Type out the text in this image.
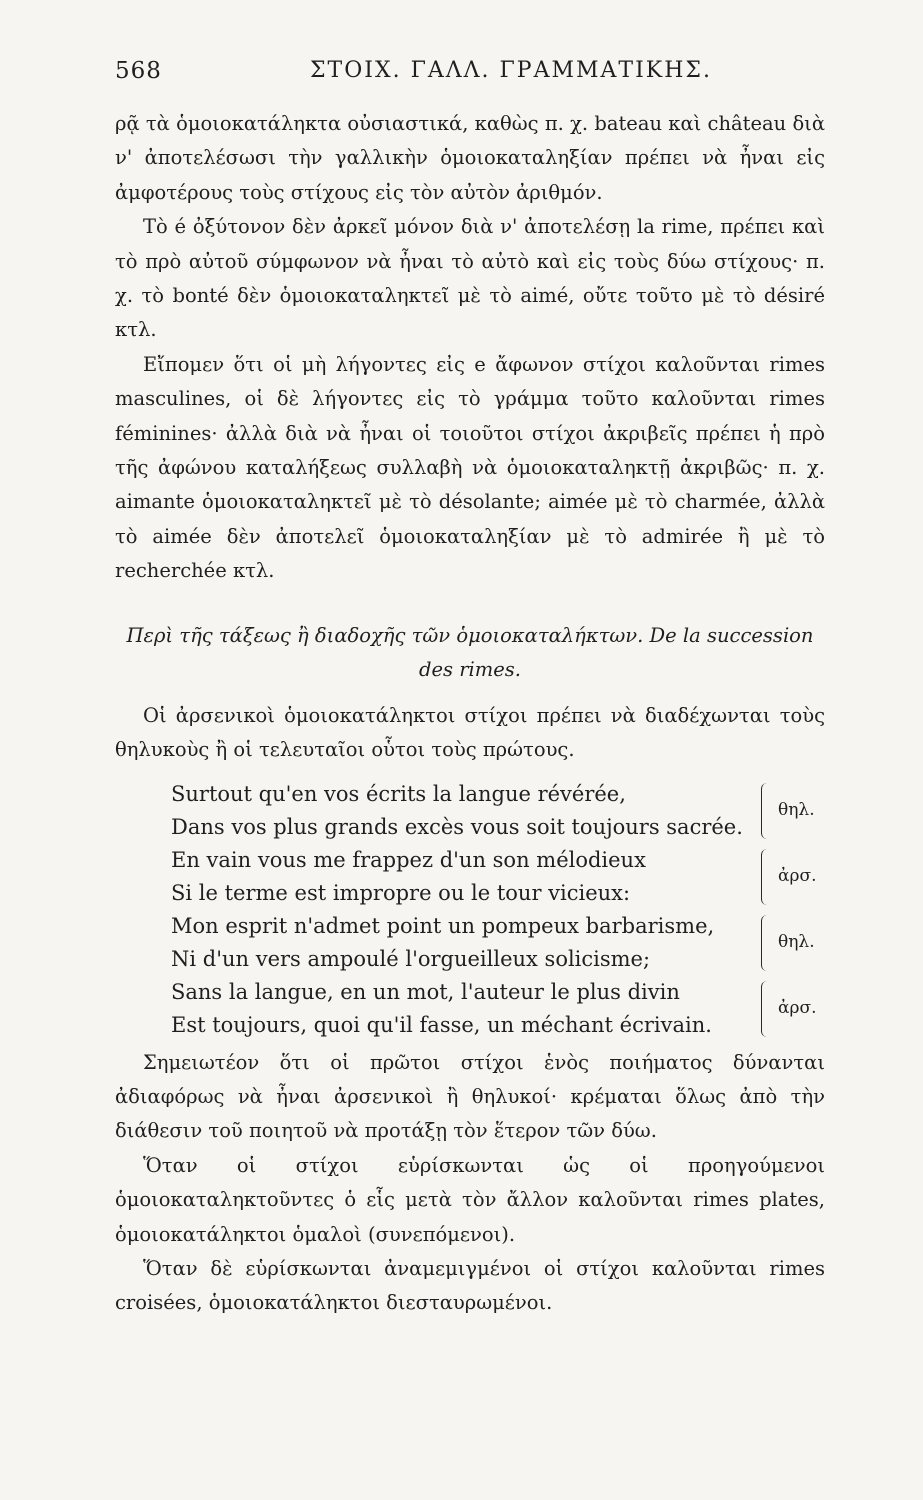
568	ΣΤΟΙΧ. ΓΑΛΛ. ΓΡΑΜΜΑΤΙΚΗΣ.

ρᾷ τὰ ὁμοιοκατάληκτα οὐσιαστικά, καθὼς π. χ. bateau καὶ château διὰ ν' ἀποτελέσωσι τὴν γαλλικὴν ὁμοιοκαταληξίαν πρέπει νὰ ἦναι εἰς ἀμφοτέρους τοὺς στίχους εἰς τὸν αὐτὸν ἀριθμόν.

Τὸ é ὀξύτονον δὲν ἀρκεῖ μόνον διὰ ν' ἀποτελέσῃ la rime, πρέπει καὶ τὸ πρὸ αὐτοῦ σύμφωνον νὰ ἦναι τὸ αὐτὸ καὶ εἰς τοὺς δύω στίχους· π. χ. τὸ bonté δὲν ὁμοιοκαταληκτεῖ μὲ τὸ aimé, οὔτε τοῦτο μὲ τὸ désiré κτλ.

Εἴπομεν ὅτι οἱ μὴ λήγοντες εἰς e ἄφωνον στίχοι καλοῦνται rimes masculines, οἱ δὲ λήγοντες εἰς τὸ γράμμα τοῦτο καλοῦνται rimes féminines· ἀλλὰ διὰ νὰ ἦναι οἱ τοιοῦτοι στίχοι ἀκριβεῖς πρέπει ἡ πρὸ τῆς ἀφώνου καταλήξεως συλλαβὴ νὰ ὁμοιοκαταληκτῇ ἀκριβῶς· π. χ. aimante ὁμοιοκαταληκτεῖ μὲ τὸ désolante; aimée μὲ τὸ charmée, ἀλλὰ τὸ aimée δὲν ἀποτελεῖ ὁμοιοκαταληξίαν μὲ τὸ admirée ἢ μὲ τὸ recherchée κτλ.

Περὶ τῆς τάξεως ἢ διαδοχῆς τῶν ὁμοιοκαταλήκτων. De la succession des rimes.

Οἱ ἀρσενικοὶ ὁμοιοκατάληκτοι στίχοι πρέπει νὰ διαδέχωνται τοὺς θηλυκοὺς ἢ οἱ τελευταῖοι οὗτοι τοὺς πρώτους.

Surtout qu'en vos écrits la langue révérée,
Dans vos plus grands excès vous soit toujours sacrée.
θηλ.
En vain vous me frappez d'un son mélodieux
Si le terme est impropre ou le tour vicieux:
ἀρσ.
Mon esprit n'admet point un pompeux barbarisme,
Ni d'un vers ampoulé l'orgueilleux solicisme;
θηλ.
Sans la langue, en un mot, l'auteur le plus divin
Est toujours, quoi qu'il fasse, un méchant écrivain.
ἀρσ.

Σημειωτέον ὅτι οἱ πρῶτοι στίχοι ἑνὸς ποιήματος δύνανται ἀδιαφόρως νὰ ἦναι ἀρσενικοὶ ἢ θηλυκοί· κρέμαται ὅλως ἀπὸ τὴν διάθεσιν τοῦ ποιητοῦ νὰ προτάξῃ τὸν ἕτερον τῶν δύω.

Ὅταν οἱ στίχοι εὑρίσκωνται ὡς οἱ προηγούμενοι ὁμοιοκαταληκτοῦντες ὁ εἷς μετὰ τὸν ἄλλον καλοῦνται rimes plates, ὁμοιοκατάληκτοι ὁμαλοὶ (συνεπόμενοι).

Ὅταν δὲ εὑρίσκωνται ἀναμεμιγμένοι οἱ στίχοι καλοῦνται rimes croisées, ὁμοιοκατάληκτοι διεσταυρωμένοι.
